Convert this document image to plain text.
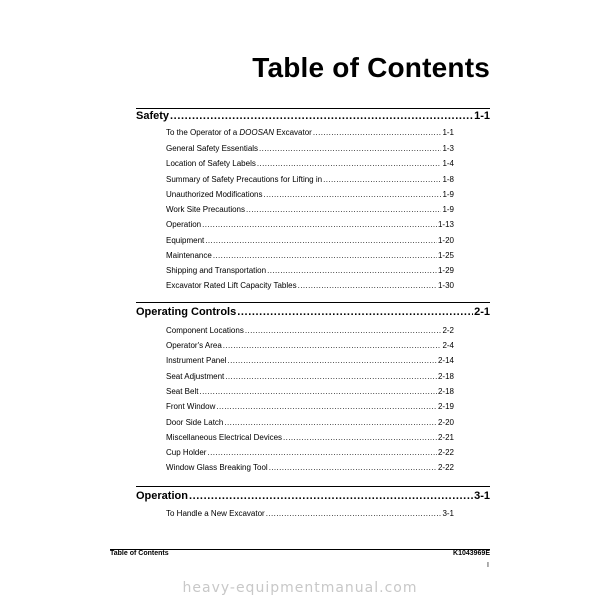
Table of Contents
Safety .....	1-1
To the Operator of a DOOSAN Excavator .....	1-1
General Safety Essentials .....	1-3
Location of Safety Labels .....	1-4
Summary of Safety Precautions for Lifting in .....	1-8
Unauthorized Modifications .....	1-9
Work Site Precautions .....	1-9
Operation .....	1-13
Equipment .....	1-20
Maintenance .....	1-25
Shipping and Transportation .....	1-29
Excavator Rated Lift Capacity Tables .....	1-30
Operating Controls .....	2-1
Component Locations .....	2-2
Operator's Area .....	2-4
Instrument Panel .....	2-14
Seat Adjustment .....	2-18
Seat Belt .....	2-18
Front Window .....	2-19
Door Side Latch .....	2-20
Miscellaneous Electrical Devices .....	2-21
Cup Holder .....	2-22
Window Glass Breaking Tool .....	2-22
Operation .....	3-1
To Handle a New Excavator .....	3-1
Table of Contents	K1043969E
I
heavy-equipmentmanual.com
